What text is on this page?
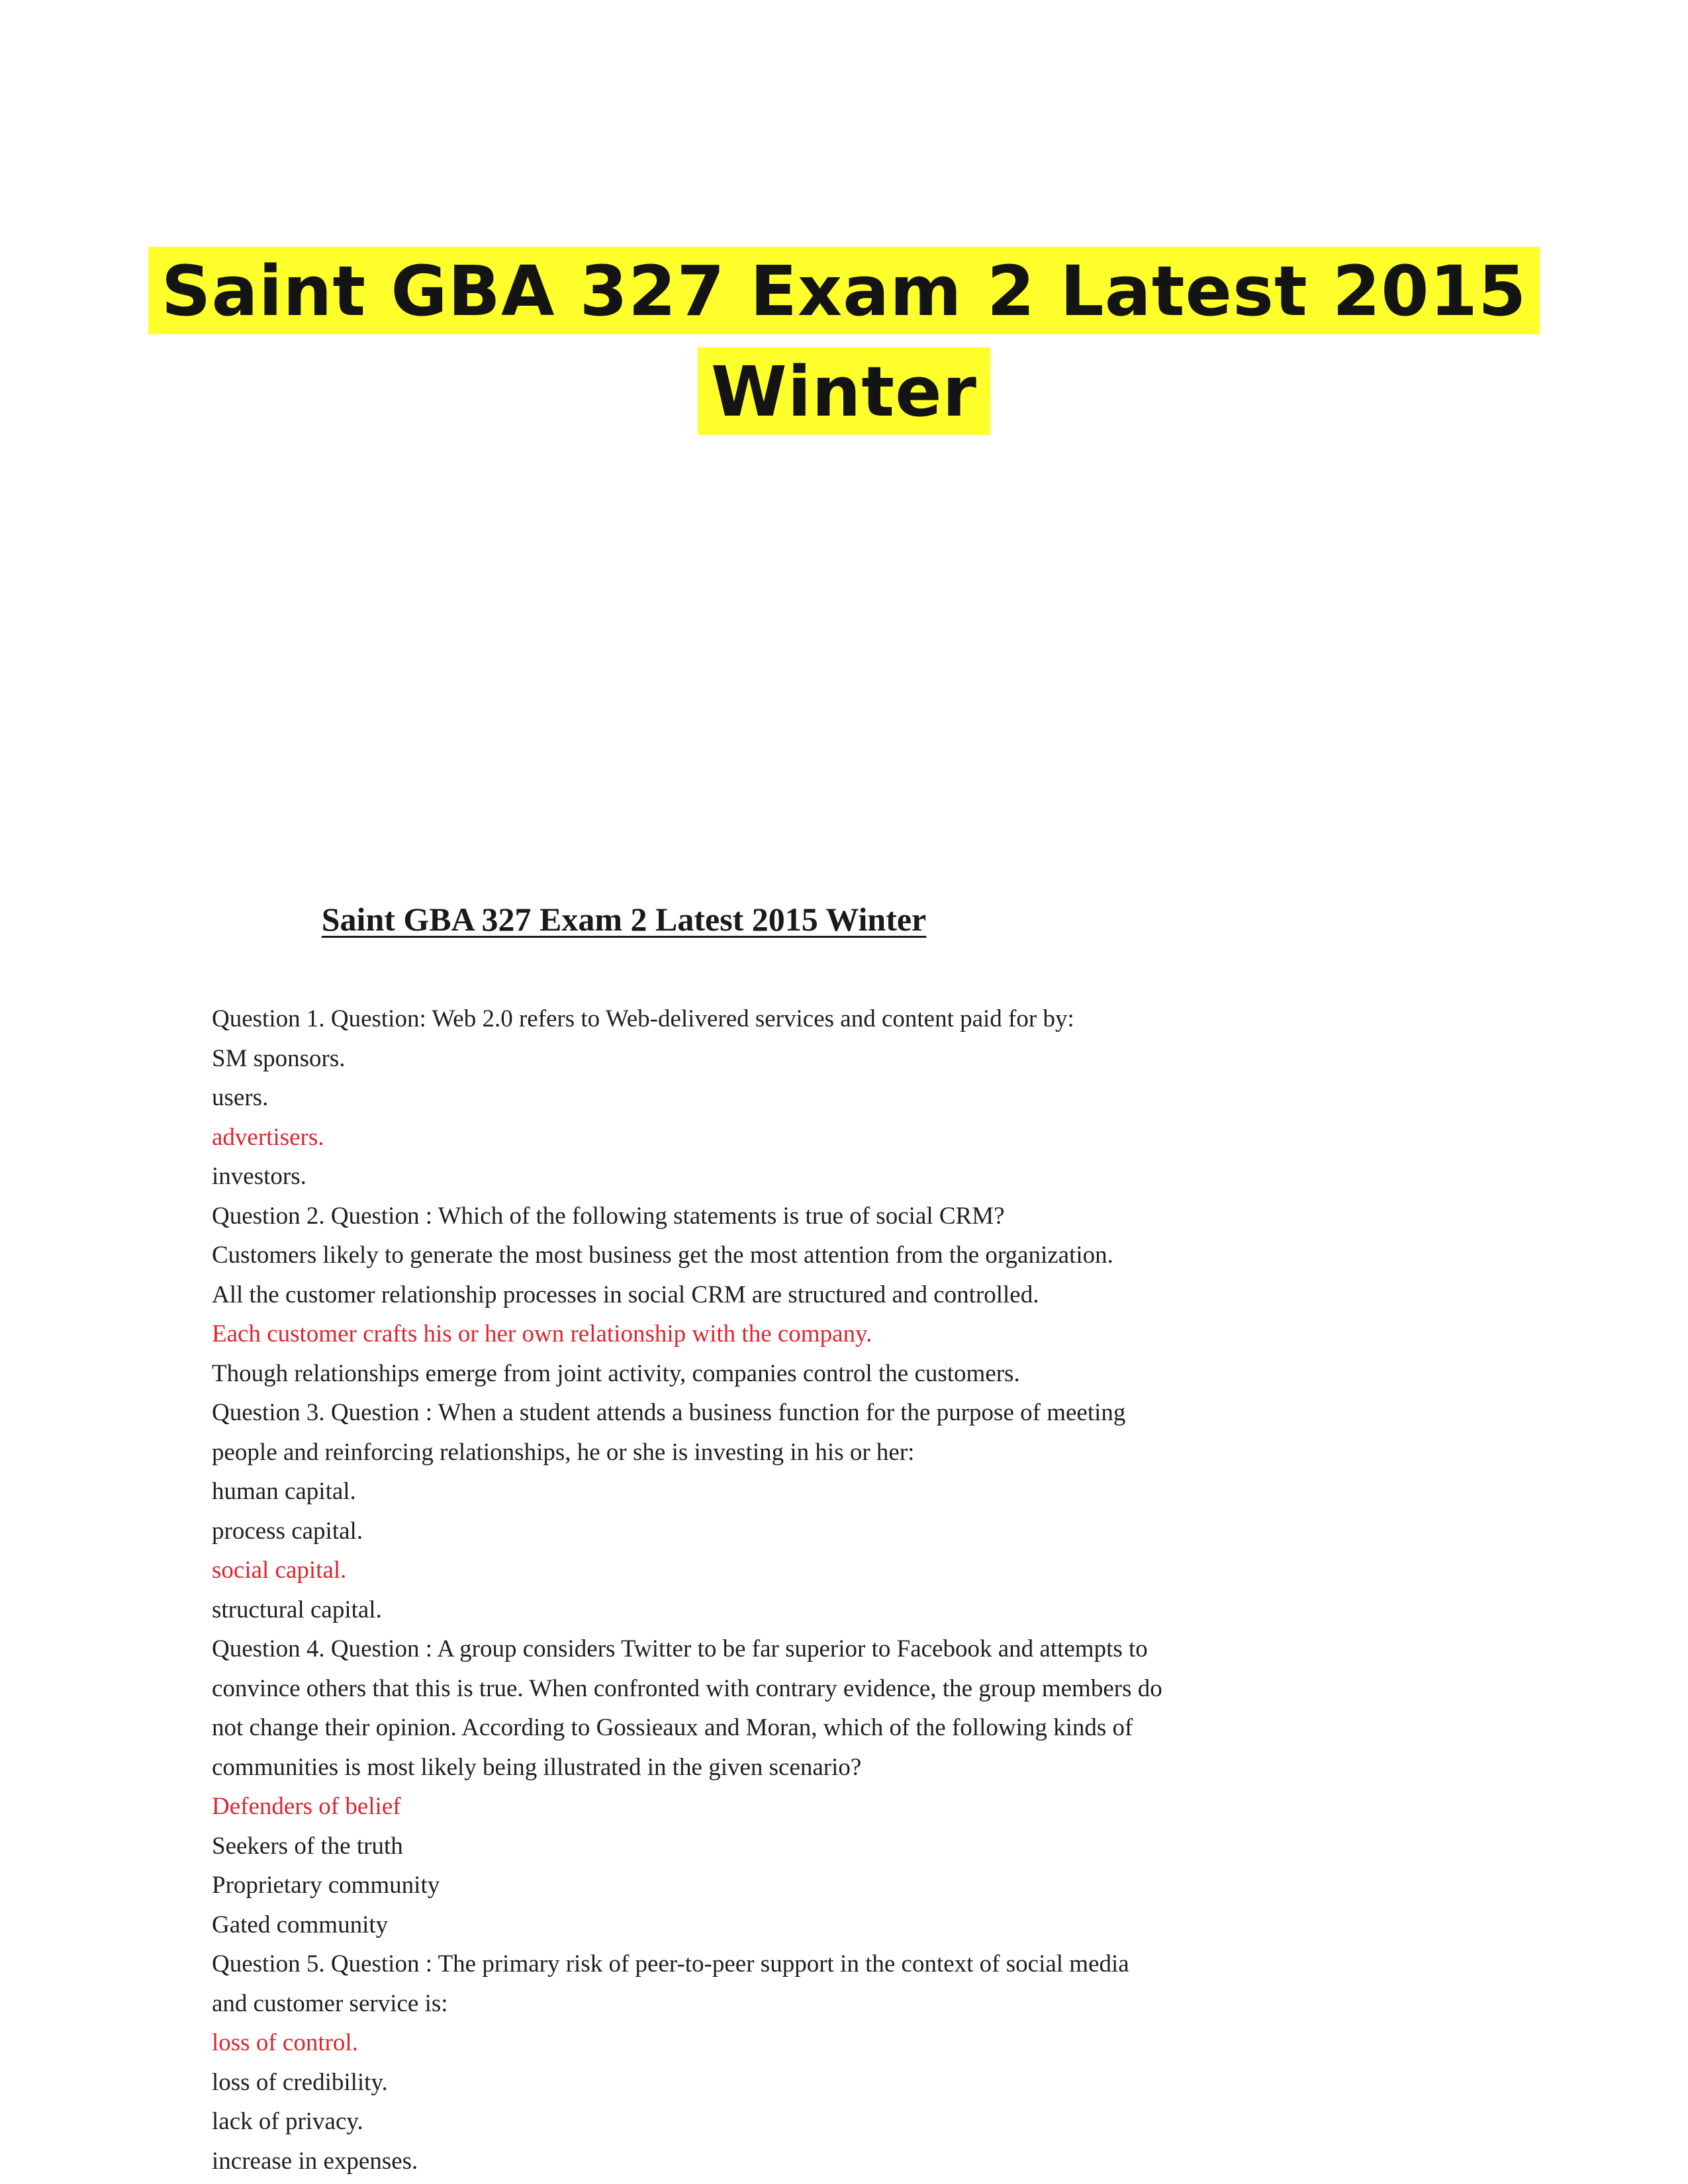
Saint GBA 327 Exam 2 Latest 2015
Winter
Saint GBA 327 Exam 2 Latest 2015 Winter
Question 1. Question: Web 2.0 refers to Web-delivered services and content paid for by:
SM sponsors.
users.
advertisers.
investors.
Question 2. Question : Which of the following statements is true of social CRM?
Customers likely to generate the most business get the most attention from the organization.
All the customer relationship processes in social CRM are structured and controlled.
Each customer crafts his or her own relationship with the company.
Though relationships emerge from joint activity, companies control the customers.
Question 3. Question : When a student attends a business function for the purpose of meeting
people and reinforcing relationships, he or she is investing in his or her:
human capital.
process capital.
social capital.
structural capital.
Question 4. Question : A group considers Twitter to be far superior to Facebook and attempts to
convince others that this is true. When confronted with contrary evidence, the group members do
not change their opinion. According to Gossieaux and Moran, which of the following kinds of
communities is most likely being illustrated in the given scenario?
Defenders of belief
Seekers of the truth
Proprietary community
Gated community
Question 5. Question : The primary risk of peer-to-peer support in the context of social media
and customer service is:
loss of control.
loss of credibility.
lack of privacy.
increase in expenses.
